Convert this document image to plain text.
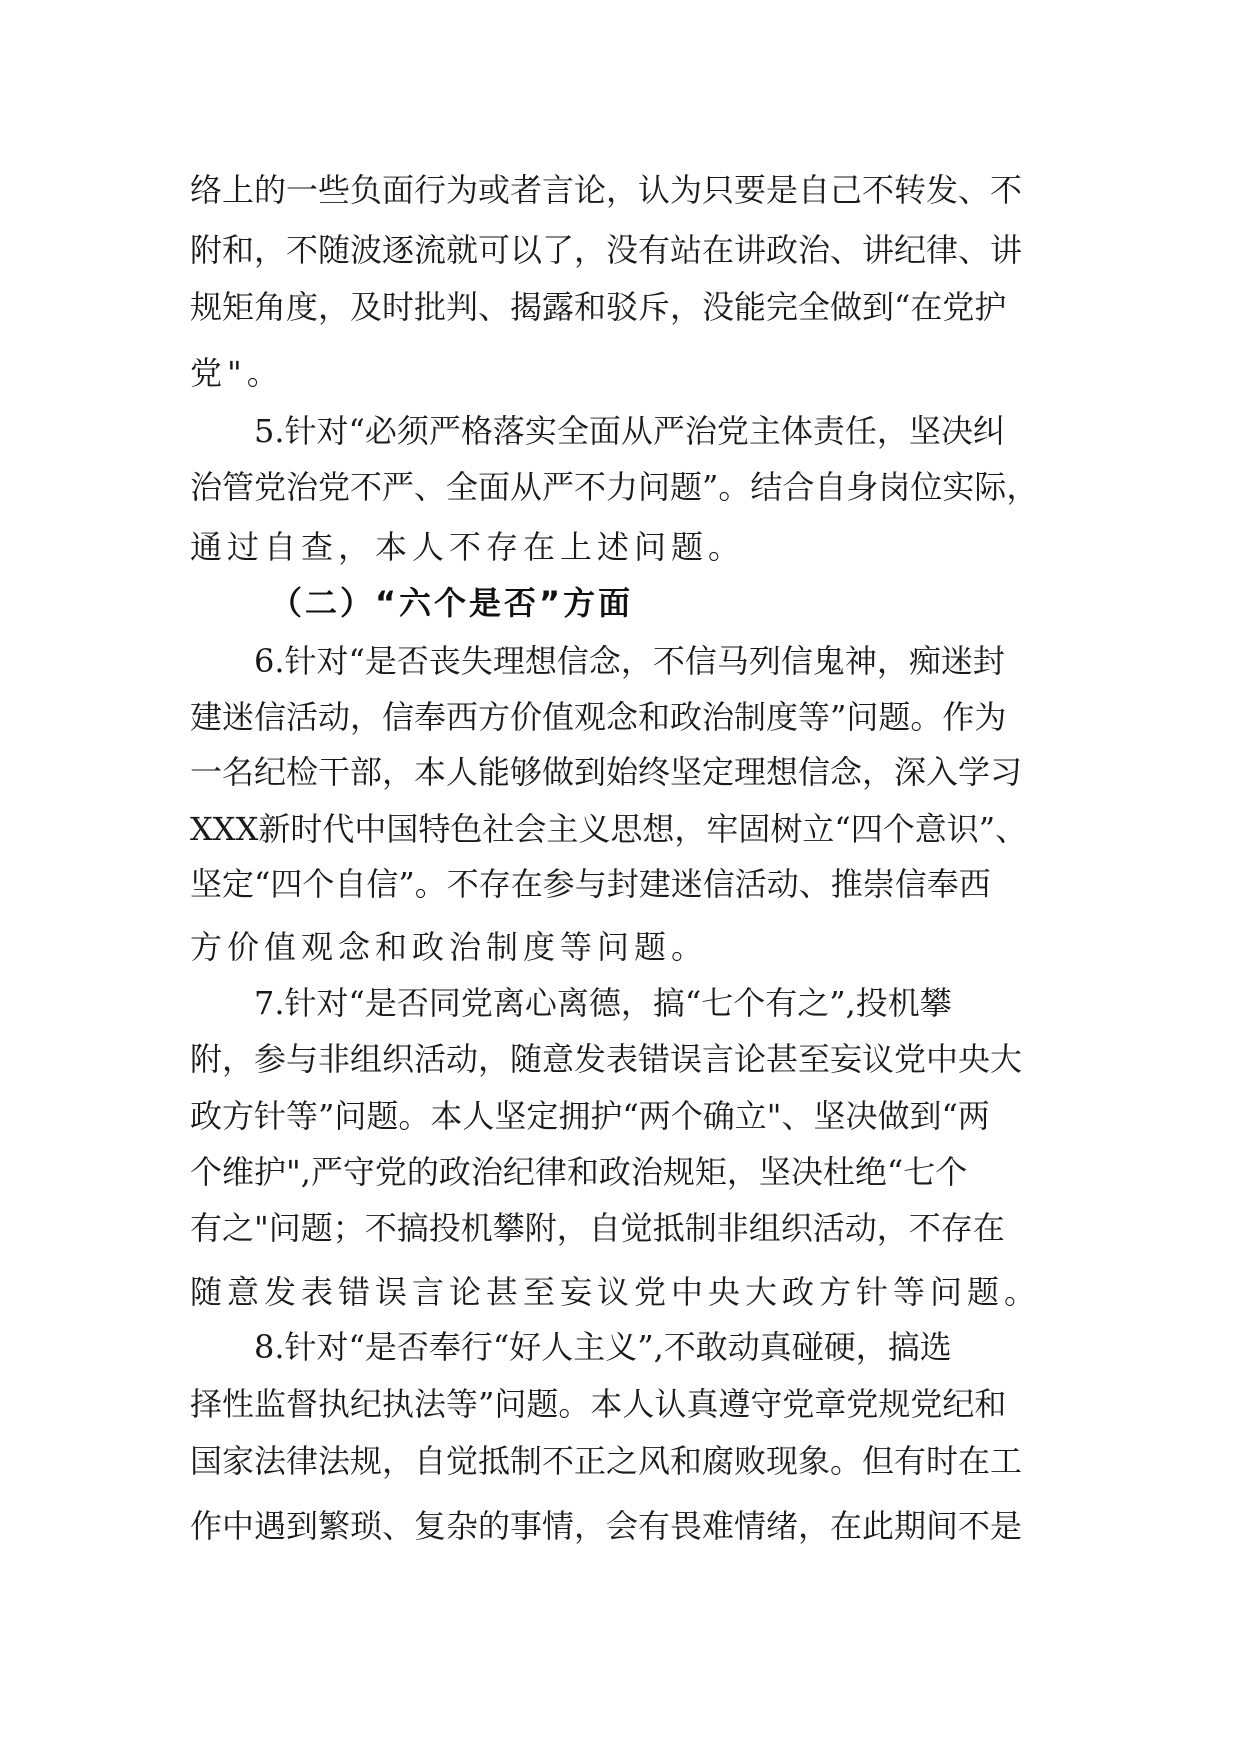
络上的一些负面行为或者言论，认为只要是自己不转发、不
附和，不随波逐流就可以了，没有站在讲政治、讲纪律、讲
规矩角度，及时批判、揭露和驳斥，没能完全做到“在党护
党"。
5.针对“必须严格落实全面从严治党主体责任，坚决纠
治管党治党不严、全面从严不力问题”。结合自身岗位实际，
通过自查，本人不存在上述问题。
（二）“六个是否”方面
6.针对“是否丧失理想信念，不信马列信鬼神，痴迷封
建迷信活动，信奉西方价值观念和政治制度等”问题。作为
一名纪检干部，本人能够做到始终坚定理想信念，深入学习
XXX新时代中国特色社会主义思想，牢固树立“四个意识”、
坚定“四个自信”。不存在参与封建迷信活动、推崇信奉西
方价值观念和政治制度等问题。
7.针对“是否同党离心离德，搞“七个有之”,投机攀
附，参与非组织活动，随意发表错误言论甚至妄议党中央大
政方针等”问题。本人坚定拥护“两个确立"、坚决做到“两
个维护",严守党的政治纪律和政治规矩，坚决杜绝“七个
有之"问题；不搞投机攀附，自觉抵制非组织活动，不存在
随意发表错误言论甚至妄议党中央大政方针等问题。
8.针对“是否奉行“好人主义”,不敢动真碰硬，搞选
择性监督执纪执法等”问题。本人认真遵守党章党规党纪和
国家法律法规，自觉抵制不正之风和腐败现象。但有时在工
作中遇到繁琐、复杂的事情，会有畏难情绪，在此期间不是
